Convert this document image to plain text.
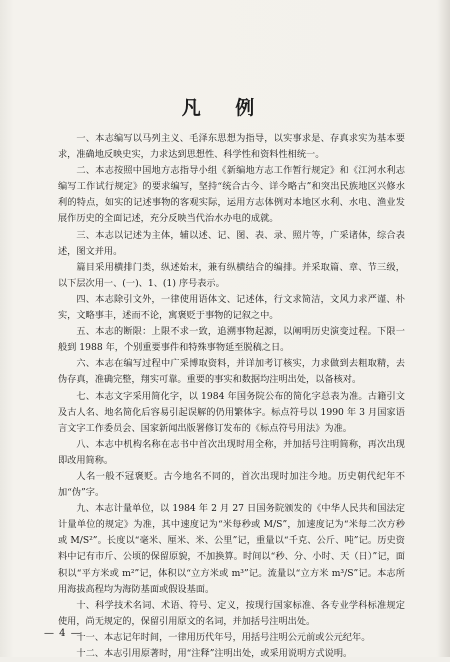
凡 例

一、本志编写以马列主义、毛泽东思想为指导，以实事求是、存真求实为基本要求，准确地反映史实，力求达到思想性、科学性和资料性相统一。

二、本志按照中国地方志指导小组《新编地方志工作暂行规定》和《江河水利志编写工作试行规定》的要求编写，坚持“统合古今、详今略古”和突出民族地区兴修水利的特点，如实的记述事物的客观实际，运用方志体例对本地区水利、水电、渔业发展作历史的全面记述，充分反映当代治水办电的成就。

三、本志以记述为主体，辅以述、记、图、表、录、照片等，广采诸体，综合表述，图文并用。

篇目采用横排门类，纵述始末，兼有纵横结合的编排。并采取篇、章、节三级，以下层次用一、(一)、1、(1) 序号表示。

四、本志除引文外，一律使用语体文、记述体，行文求简洁，文风力求严谨、朴实，文略事丰，述而不论，寓褒贬于事物的记叙之中。

五、本志的断限：上限不求一致，追溯事物起源，以阐明历史演变过程。下限一般到 1988 年，个别重要事件和特殊事物延至脱稿之日。

六、本志在编写过程中广采博取资料，并详加考订核实，力求做到去粗取精，去伪存真，准确完整，翔实可靠。重要的事实和数据均注明出处，以备核对。

七、本志文字采用简化字，以 1984 年国务院公布的简化字总表为准。古籍引文及古人名、地名简化后容易引起误解的仍用繁体字。标点符号以 1990 年 3 月国家语言文字工作委员会、国家新闻出版署修订发布的《标点符号用法》为准。

八、本志中机构名称在志书中首次出现时用全称，并加括号注明简称，再次出现即改用简称。

人名一般不冠褒贬。古今地名不同的，首次出现时加注今地。历史朝代纪年不加“伪”字。

九、本志计量单位，以 1984 年 2 月 27 日国务院颁发的《中华人民共和国法定计量单位的规定》为准，其中速度记为“米每秒或 M/S”，加速度记为“米每二次方秒或 M/S²”。长度以“毫米、厘米、米、公里”记，重量以“千克、公斤、吨”记。历史资料中记有市斤、公顷的保留原貌，不加换算。时间以“秒、分、小时、天（日）”记，面积以“平方米或 m²”记，体积以“立方米或 m³”记。流量以“立方米 m³/S”记。本志所用海拔高程均为海防基面或假设基面。

十、科学技术名词、术语、符号、定义，按现行国家标准、各专业学科标准规定使用，尚无规定的，保留引用原文的名词，并加括号注明出处。

十一、本志记年时间，一律用历代年号，用括号注明公元前或公元纪年。

十二、本志引用原著时，用“注释”注明出处，或采用说明方式说明。

— 4 —
